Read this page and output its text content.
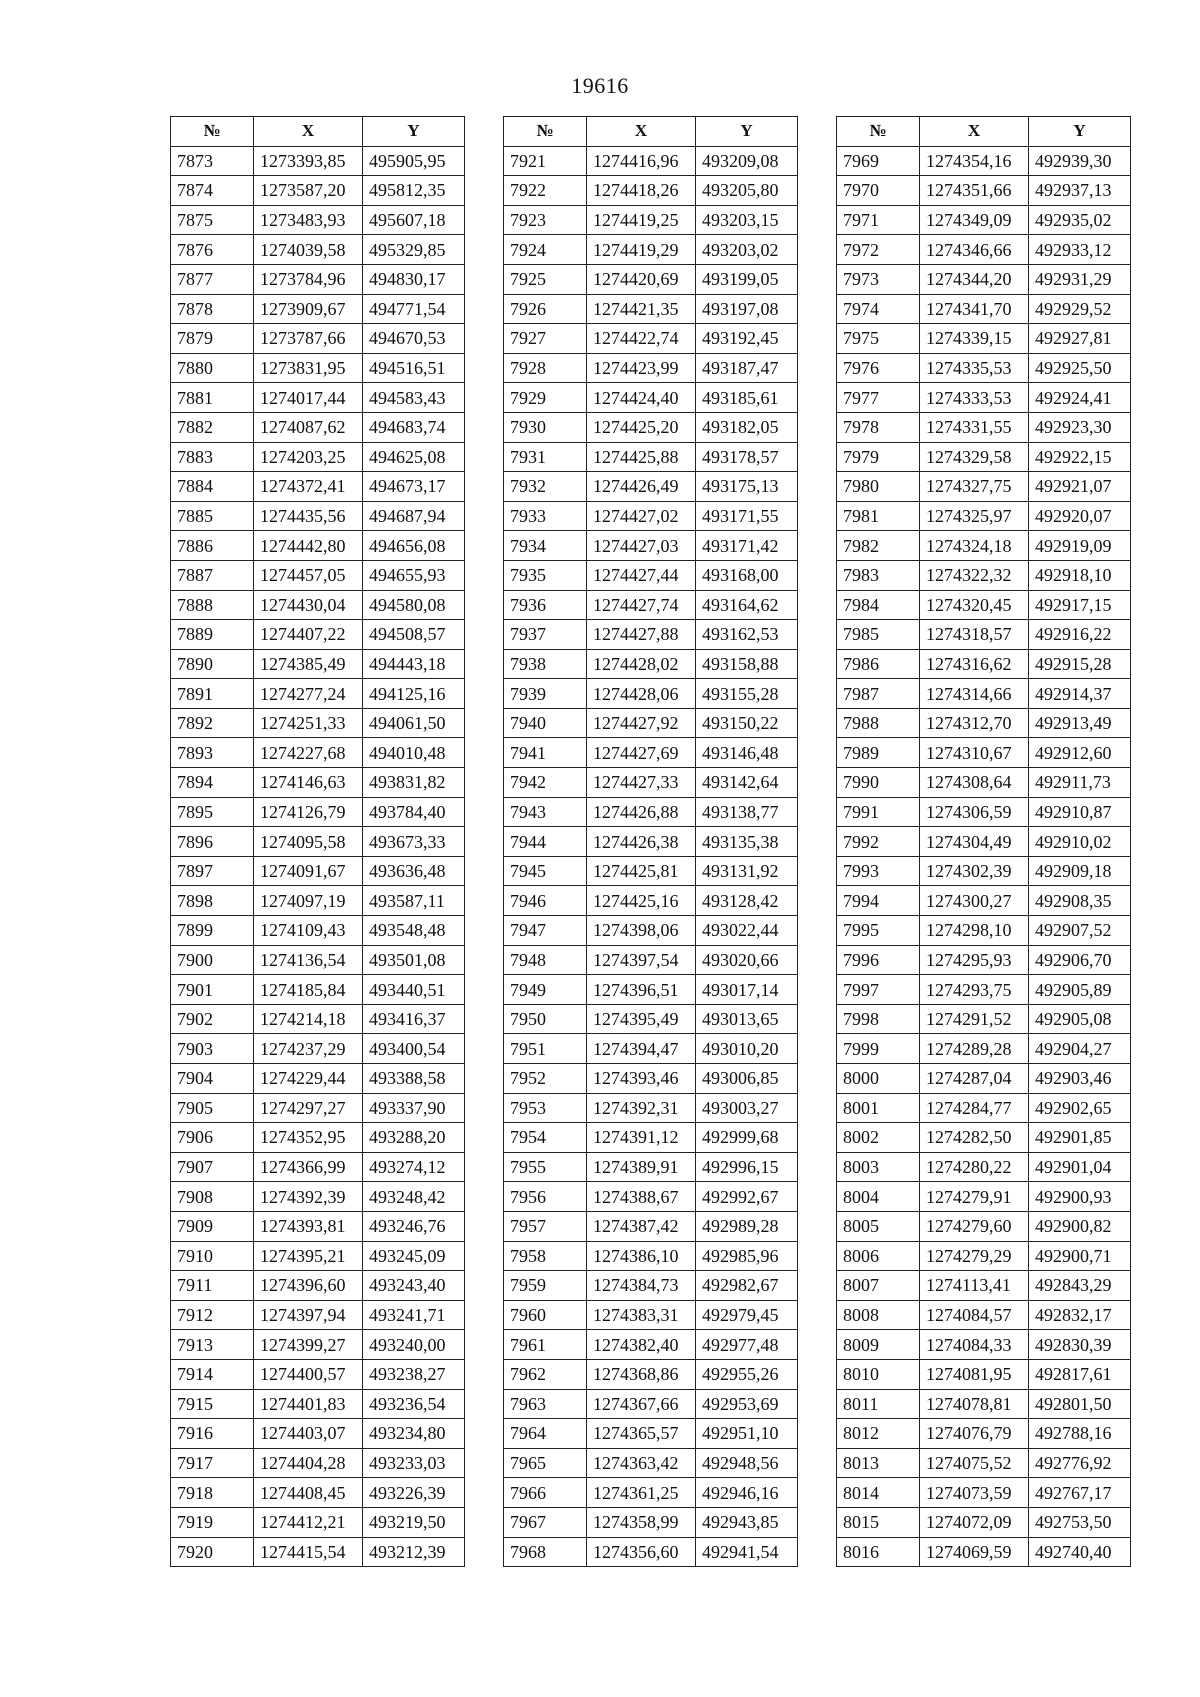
19616
№	X	Y
7873	1273393,85	495905,95
7874	1273587,20	495812,35
7875	1273483,93	495607,18
7876	1274039,58	495329,85
7877	1273784,96	494830,17
7878	1273909,67	494771,54
7879	1273787,66	494670,53
7880	1273831,95	494516,51
7881	1274017,44	494583,43
7882	1274087,62	494683,74
7883	1274203,25	494625,08
7884	1274372,41	494673,17
7885	1274435,56	494687,94
7886	1274442,80	494656,08
7887	1274457,05	494655,93
7888	1274430,04	494580,08
7889	1274407,22	494508,57
7890	1274385,49	494443,18
7891	1274277,24	494125,16
7892	1274251,33	494061,50
7893	1274227,68	494010,48
7894	1274146,63	493831,82
7895	1274126,79	493784,40
7896	1274095,58	493673,33
7897	1274091,67	493636,48
7898	1274097,19	493587,11
7899	1274109,43	493548,48
7900	1274136,54	493501,08
7901	1274185,84	493440,51
7902	1274214,18	493416,37
7903	1274237,29	493400,54
7904	1274229,44	493388,58
7905	1274297,27	493337,90
7906	1274352,95	493288,20
7907	1274366,99	493274,12
7908	1274392,39	493248,42
7909	1274393,81	493246,76
7910	1274395,21	493245,09
7911	1274396,60	493243,40
7912	1274397,94	493241,71
7913	1274399,27	493240,00
7914	1274400,57	493238,27
7915	1274401,83	493236,54
7916	1274403,07	493234,80
7917	1274404,28	493233,03
7918	1274408,45	493226,39
7919	1274412,21	493219,50
7920	1274415,54	493212,39
№	X	Y
7921	1274416,96	493209,08
7922	1274418,26	493205,80
7923	1274419,25	493203,15
7924	1274419,29	493203,02
7925	1274420,69	493199,05
7926	1274421,35	493197,08
7927	1274422,74	493192,45
7928	1274423,99	493187,47
7929	1274424,40	493185,61
7930	1274425,20	493182,05
7931	1274425,88	493178,57
7932	1274426,49	493175,13
7933	1274427,02	493171,55
7934	1274427,03	493171,42
7935	1274427,44	493168,00
7936	1274427,74	493164,62
7937	1274427,88	493162,53
7938	1274428,02	493158,88
7939	1274428,06	493155,28
7940	1274427,92	493150,22
7941	1274427,69	493146,48
7942	1274427,33	493142,64
7943	1274426,88	493138,77
7944	1274426,38	493135,38
7945	1274425,81	493131,92
7946	1274425,16	493128,42
7947	1274398,06	493022,44
7948	1274397,54	493020,66
7949	1274396,51	493017,14
7950	1274395,49	493013,65
7951	1274394,47	493010,20
7952	1274393,46	493006,85
7953	1274392,31	493003,27
7954	1274391,12	492999,68
7955	1274389,91	492996,15
7956	1274388,67	492992,67
7957	1274387,42	492989,28
7958	1274386,10	492985,96
7959	1274384,73	492982,67
7960	1274383,31	492979,45
7961	1274382,40	492977,48
7962	1274368,86	492955,26
7963	1274367,66	492953,69
7964	1274365,57	492951,10
7965	1274363,42	492948,56
7966	1274361,25	492946,16
7967	1274358,99	492943,85
7968	1274356,60	492941,54
№	X	Y
7969	1274354,16	492939,30
7970	1274351,66	492937,13
7971	1274349,09	492935,02
7972	1274346,66	492933,12
7973	1274344,20	492931,29
7974	1274341,70	492929,52
7975	1274339,15	492927,81
7976	1274335,53	492925,50
7977	1274333,53	492924,41
7978	1274331,55	492923,30
7979	1274329,58	492922,15
7980	1274327,75	492921,07
7981	1274325,97	492920,07
7982	1274324,18	492919,09
7983	1274322,32	492918,10
7984	1274320,45	492917,15
7985	1274318,57	492916,22
7986	1274316,62	492915,28
7987	1274314,66	492914,37
7988	1274312,70	492913,49
7989	1274310,67	492912,60
7990	1274308,64	492911,73
7991	1274306,59	492910,87
7992	1274304,49	492910,02
7993	1274302,39	492909,18
7994	1274300,27	492908,35
7995	1274298,10	492907,52
7996	1274295,93	492906,70
7997	1274293,75	492905,89
7998	1274291,52	492905,08
7999	1274289,28	492904,27
8000	1274287,04	492903,46
8001	1274284,77	492902,65
8002	1274282,50	492901,85
8003	1274280,22	492901,04
8004	1274279,91	492900,93
8005	1274279,60	492900,82
8006	1274279,29	492900,71
8007	1274113,41	492843,29
8008	1274084,57	492832,17
8009	1274084,33	492830,39
8010	1274081,95	492817,61
8011	1274078,81	492801,50
8012	1274076,79	492788,16
8013	1274075,52	492776,92
8014	1274073,59	492767,17
8015	1274072,09	492753,50
8016	1274069,59	492740,40
